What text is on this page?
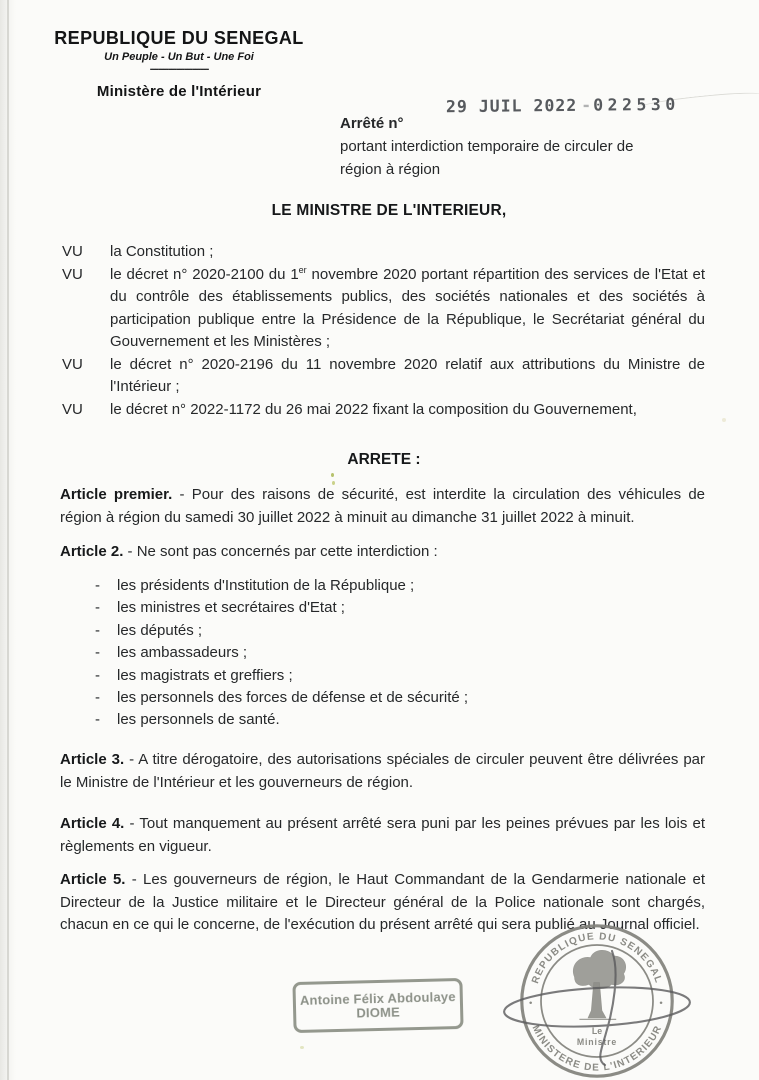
REPUBLIQUE DU SENEGAL
Un Peuple - Un But - Une Foi
----------------------
Ministère de l'Intérieur
29 JUIL 2022 -022530
Arrêté n°
portant interdiction temporaire de circuler de
région à région
LE MINISTRE DE L'INTERIEUR,
VU	la Constitution ;
VU	le décret n° 2020-2100 du 1er novembre 2020 portant répartition des services de l'Etat et du contrôle des établissements publics, des sociétés nationales et des sociétés à participation publique entre la Présidence de la République, le Secrétariat général du Gouvernement et les Ministères ;
VU	le décret n° 2020-2196 du 11 novembre 2020 relatif aux attributions du Ministre de l'Intérieur ;
VU	le décret n° 2022-1172 du 26 mai 2022 fixant la composition du Gouvernement,
ARRETE :

Article premier. - Pour des raisons de sécurité, est interdite la circulation des véhicules de région à région du samedi 30 juillet 2022 à minuit au dimanche 31 juillet 2022 à minuit.

Article 2. - Ne sont pas concernés par cette interdiction :

-	les présidents d'Institution de la République ;
-	les ministres et secrétaires d'Etat ;
-	les députés ;
-	les ambassadeurs ;
-	les magistrats et greffiers ;
-	les personnels des forces de défense et de sécurité ;
-	les personnels de santé.

Article 3. - A titre dérogatoire, des autorisations spéciales de circuler peuvent être délivrées par le Ministre de l'Intérieur et les gouverneurs de région.

Article 4. - Tout manquement au présent arrêté sera puni par les peines prévues par les lois et règlements en vigueur.

Article 5. - Les gouverneurs de région, le Haut Commandant de la Gendarmerie nationale et Directeur de la Justice militaire et le Directeur général de la Police nationale sont chargés, chacun en ce qui le concerne, de l'exécution du présent arrêté qui sera publié au Journal officiel.

Antoine Félix Abdoulaye DIOME
REPUBLIQUE DU SENEGAL
MINISTERE DE L'INTERIEUR
•	•
Le
Ministre
